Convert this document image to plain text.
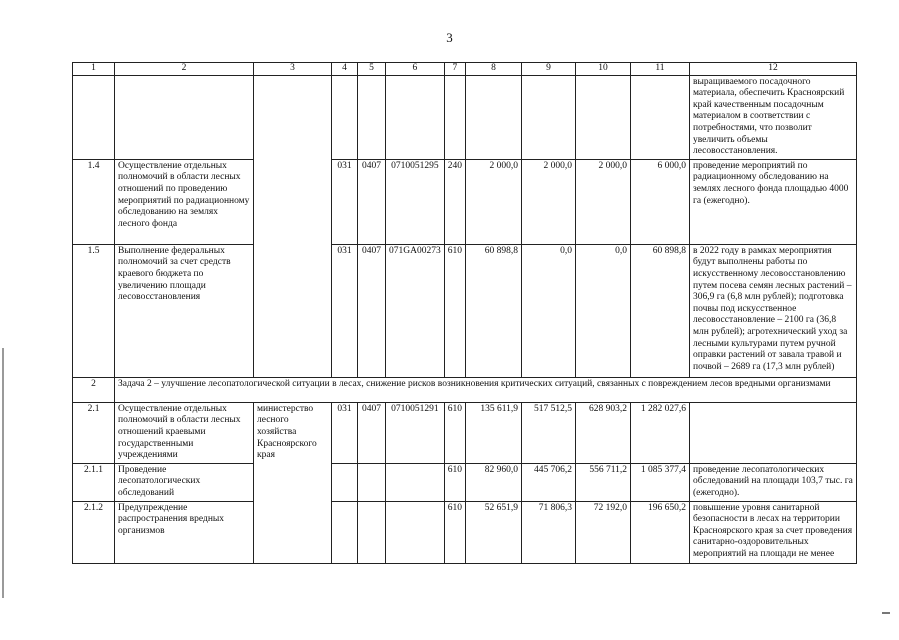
3
1	2	3	4	5	6	7	8	9	10	11	12
											выращиваемого посадочного материала, обеспечить Красноярский край качественным посадочным материалом в соответствии с потребностями, что позволит увеличить объемы лесовосстановления.
1.4	Осуществление отдельных полномочий в области лесных отношений по проведению мероприятий по радиационному обследованию на землях лесного фонда		031	0407	0710051295	240	2 000,0	2 000,0	2 000,0	6 000,0	проведение мероприятий по радиационному обследованию на землях лесного фонда площадью 4000 га (ежегодно).
1.5	Выполнение федеральных полномочий за счет средств краевого бюджета по увеличению площади лесовосстановления		031	0407	071GA00273	610	60 898,8	0,0	0,0	60 898,8	в 2022 году в рамках мероприятия будут выполнены работы по искусственному лесовосстановлению путем посева семян лесных растений – 306,9 га (6,8 млн рублей); подготовка почвы под искусственное лесовосстановление – 2100 га (36,8 млн рублей); агротехнический уход за лесными культурами путем ручной оправки растений от завала травой и почвой – 2689 га (17,3 млн рублей)
2	Задача 2 – улучшение лесопатологической ситуации в лесах, снижение рисков возникновения критических ситуаций, связанных с повреждением лесов вредными организмами										
2.1	Осуществление отдельных полномочий в области лесных отношений краевыми государственными учреждениями	министерство лесного хозяйства Красноярского края	031	0407	0710051291	610	135 611,9	517 512,5	628 903,2	1 282 027,6	
2.1.1	Проведение лесопатологических обследований					610	82 960,0	445 706,2	556 711,2	1 085 377,4	проведение лесопатологических обследований на площади 103,7 тыс. га (ежегодно).
2.1.2	Предупреждение распространения вредных организмов					610	52 651,9	71 806,3	72 192,0	196 650,2	повышение уровня санитарной безопасности в лесах на территории Красноярского края за счет проведения санитарно-оздоровительных мероприятий на площади не менее
